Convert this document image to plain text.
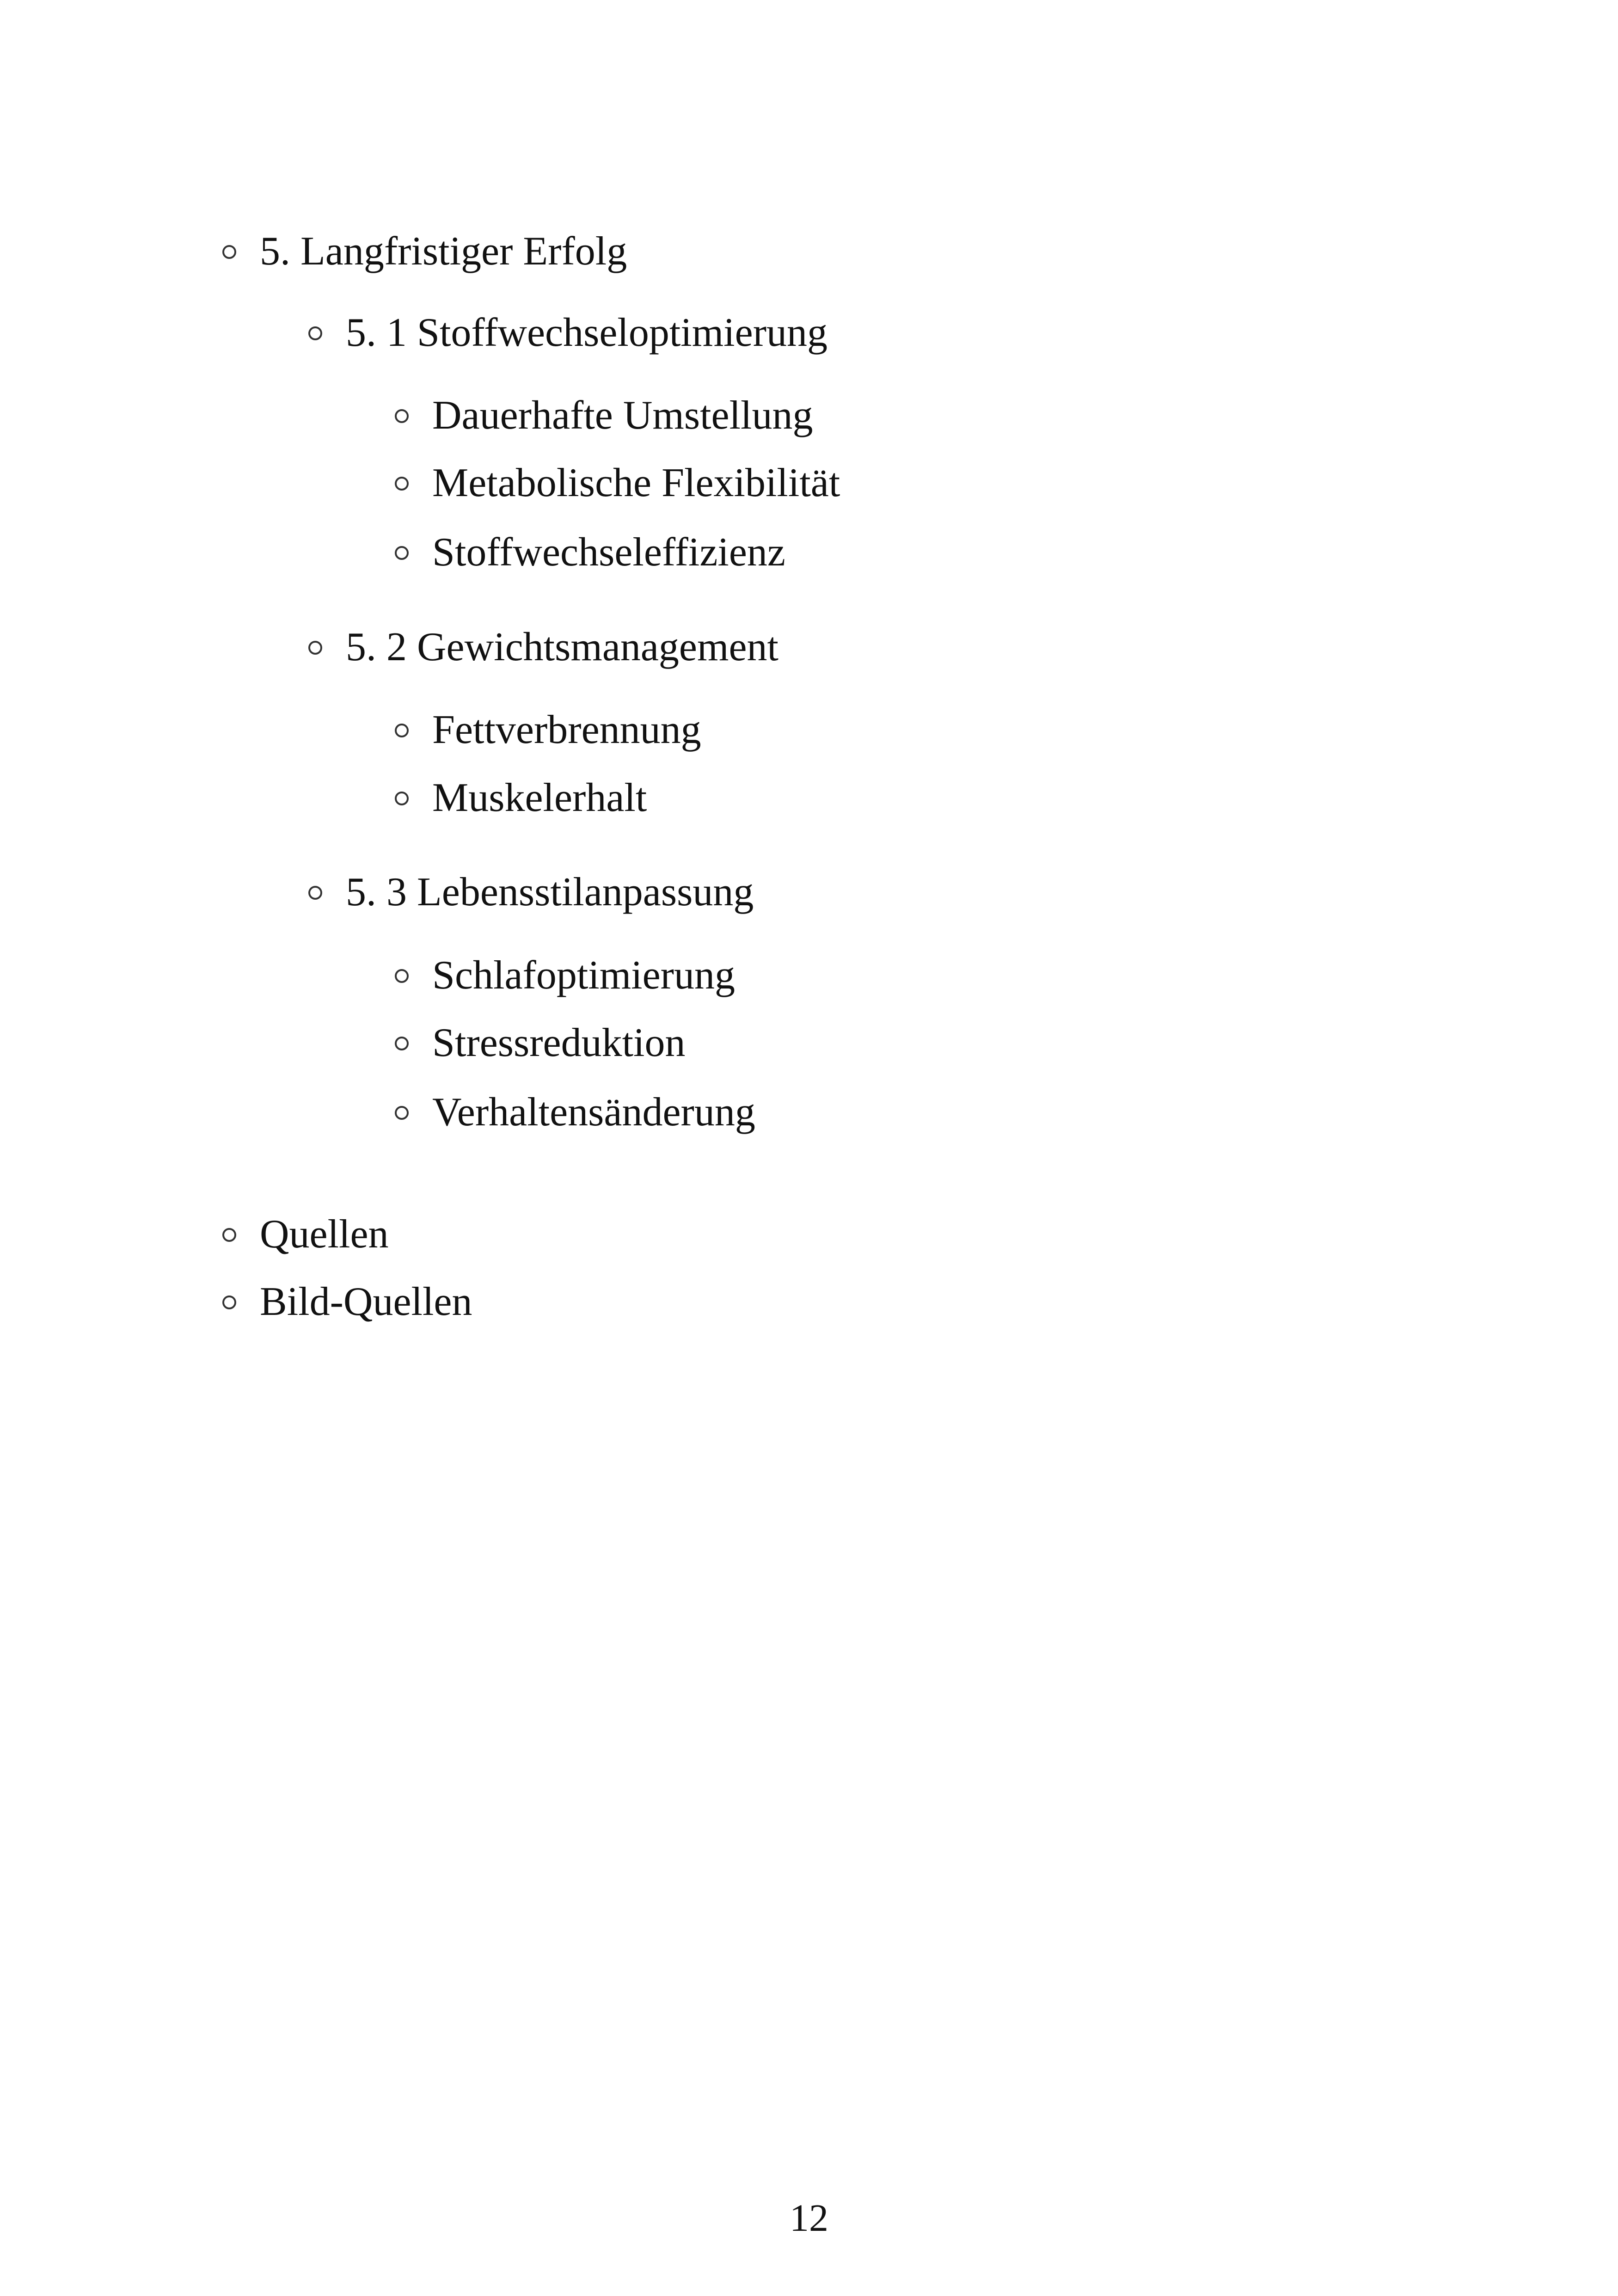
5. Langfristiger Erfolg
5. 1 Stoffwechseloptimierung
Dauerhafte Umstellung
Metabolische Flexibilität
Stoffwechseleffizienz
5. 2 Gewichtsmanagement
Fettverbrennung
Muskelerhalt
5. 3 Lebensstilanpassung
Schlafoptimierung
Stressreduktion
Verhaltensänderung
Quellen
Bild-Quellen
12
